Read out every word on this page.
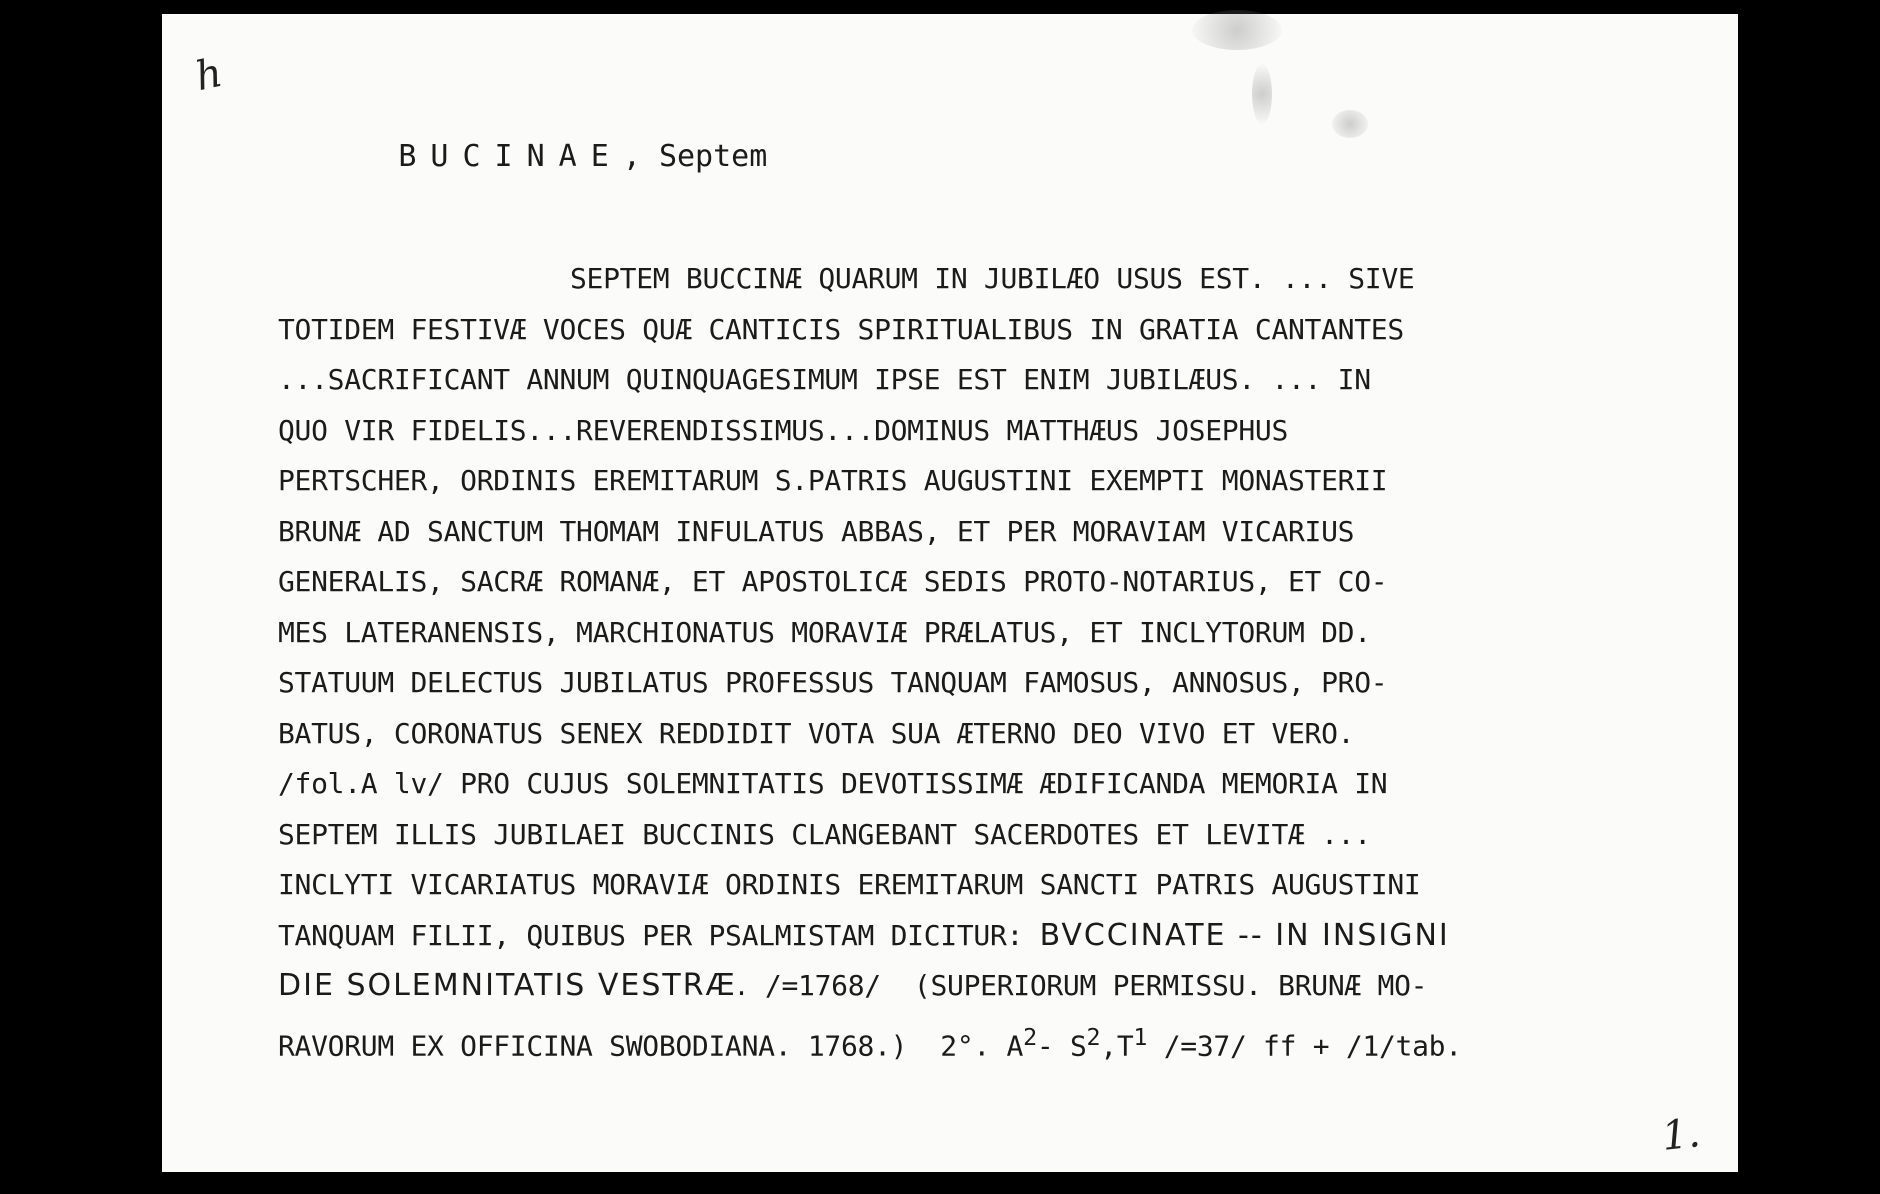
h

BUCINAE, Septem

SEPTEM BUCCINÆ QUARUM IN JUBILÆO USUS EST. ... SIVE
TOTIDEM FESTIVÆ VOCES QUÆ CANTICIS SPIRITUALIBUS IN GRATIA CANTANTES
...SACRIFICANT ANNUM QUINQUAGESIMUM IPSE EST ENIM JUBILÆUS. ... IN
QUO VIR FIDELIS...REVERENDISSIMUS...DOMINUS MATTHÆUS JOSEPHUS
PERTSCHER, ORDINIS EREMITARUM S.PATRIS AUGUSTINI EXEMPTI MONASTERII
BRUNÆ AD SANCTUM THOMAM INFULATUS ABBAS, ET PER MORAVIAM VICARIUS
GENERALIS, SACRÆ ROMANÆ, ET APOSTOLICÆ SEDIS PROTO-NOTARIUS, ET CO-
MES LATERANENSIS, MARCHIONATUS MORAVIÆ PRÆLATUS, ET INCLYTORUM DD.
STATUUM DELECTUS JUBILATUS PROFESSUS TANQUAM FAMOSUS, ANNOSUS, PRO-
BATUS, CORONATUS SENEX REDDIDIT VOTA SUA ÆTERNO DEO VIVO ET VERO.
/fol.A lv/ PRO CUJUS SOLEMNITATIS DEVOTISSIMÆ ÆDIFICANDA MEMORIA IN
SEPTEM ILLIS JUBILAEI BUCCINIS CLANGEBANT SACERDOTES ET LEVITÆ ...
INCLYTI VICARIATUS MORAVIÆ ORDINIS EREMITARUM SANCTI PATRIS AUGUSTINI
TANQUAM FILII, QUIBUS PER PSALMISTAM DICITUR: BVCCINATE -- IN INSIGNI
DIE SOLEMNITATIS VESTRÆ. /=1768/  (SUPERIORUM PERMISSU. BRUNÆ MO-
RAVORUM EX OFFICINA SWOBODIANA. 1768.)  2°. $A^2-$ $S^2,T^1$ /=37/ ff + /1/tab.
1.
